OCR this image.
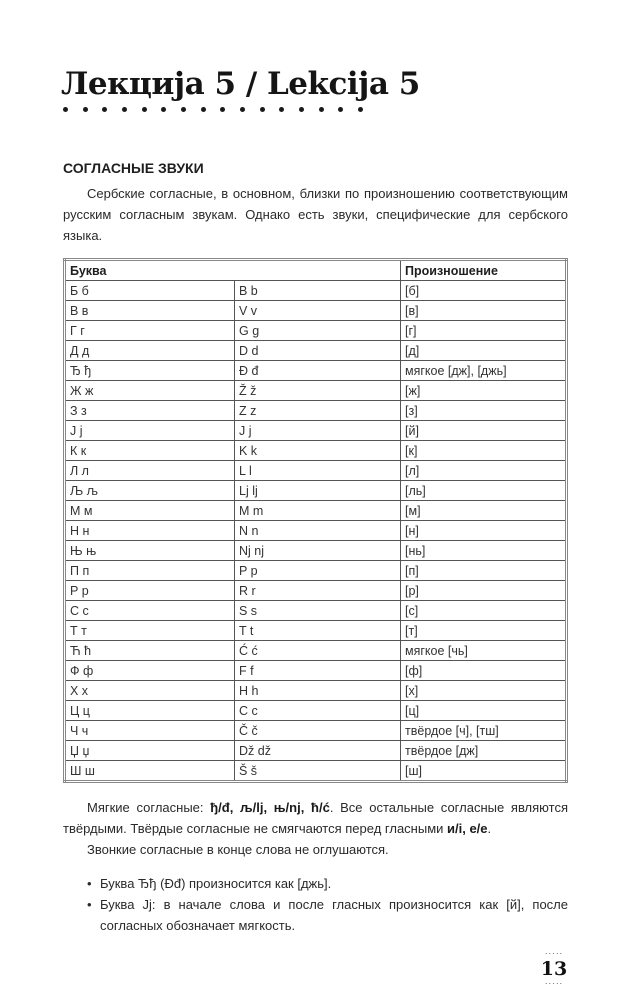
Лекција 5 / Lekcija 5
СОГЛАСНЫЕ ЗВУКИ
Сербские согласные, в основном, близки по произношению соответствующим русским согласным звукам. Однако есть звуки, специфические для сербского языка.
Буква		Произношение
Б б	B b	[б]
В в	V v	[в]
Г г	G g	[г]
Д д	D d	[д]
Ђ ђ	Đ đ	мягкое [дж], [джь]
Ж ж	Ž ž	[ж]
З з	Z z	[з]
J j	J j	[й]
К к	K k	[к]
Л л	L l	[л]
Љ љ	Lj lj	[ль]
М м	M m	[м]
Н н	N n	[н]
Њ њ	Nj nj	[нь]
П п	P p	[п]
Р р	R r	[р]
С с	S s	[с]
Т т	T t	[т]
Ћ ћ	Ć ć	мягкое [чь]
Ф ф	F f	[ф]
Х х	H h	[х]
Ц ц	C c	[ц]
Ч ч	Č č	твёрдое [ч], [тш]
Џ џ	Dž dž	твёрдое [дж]
Ш ш	Š š	[ш]
Мягкие согласные: ђ/đ, љ/lj, њ/nj, ћ/ć. Все остальные согласные являются твёрдыми. Твёрдые согласные не смягчаются перед гласными и/i, е/e.
Звонкие согласные в конце слова не оглушаются.
• Буква Ђђ (Đđ) произносится как [джь].
• Буква Jj: в начале слова и после гласных произносится как [й], после согласных обозначает мягкость.
·····
13
·····
